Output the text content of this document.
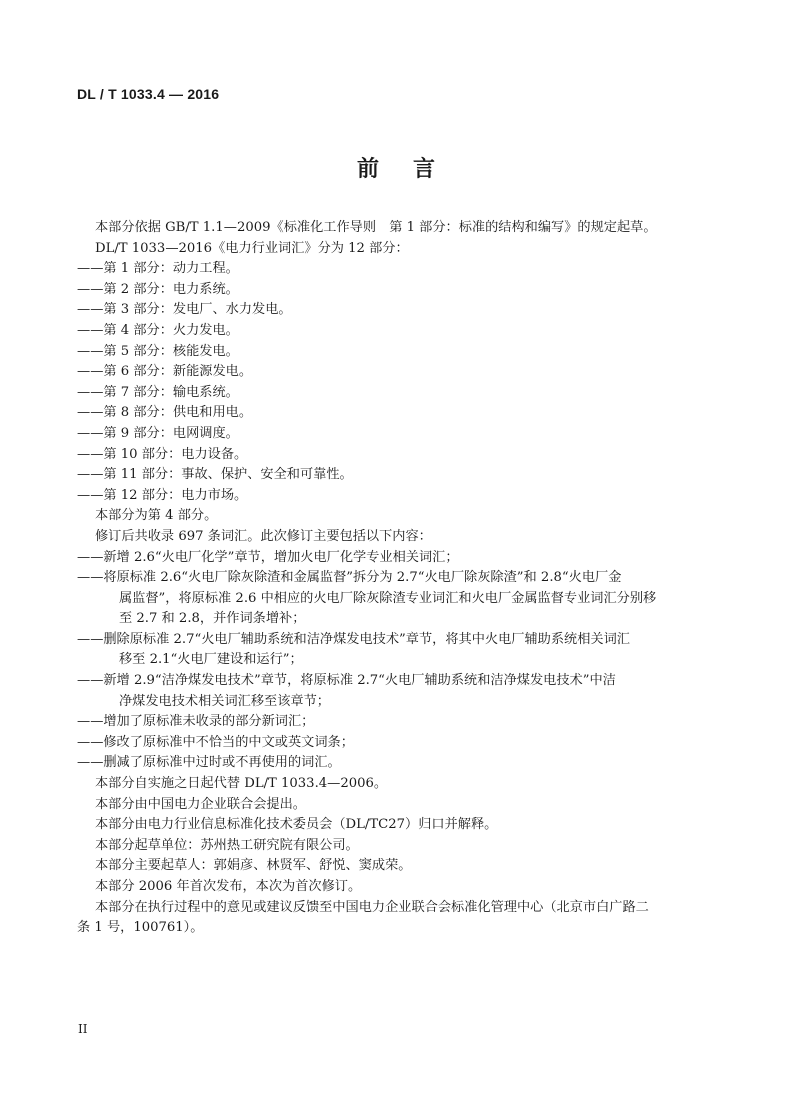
DL / T 1033.4 — 2016
前 言
本部分依据 GB/T 1.1—2009《标准化工作导则　第 1 部分：标准的结构和编写》的规定起草。
DL/T 1033—2016《电力行业词汇》分为 12 部分：
——第 1 部分：动力工程。
——第 2 部分：电力系统。
——第 3 部分：发电厂、水力发电。
——第 4 部分：火力发电。
——第 5 部分：核能发电。
——第 6 部分：新能源发电。
——第 7 部分：输电系统。
——第 8 部分：供电和用电。
——第 9 部分：电网调度。
——第 10 部分：电力设备。
——第 11 部分：事故、保护、安全和可靠性。
——第 12 部分：电力市场。
本部分为第 4 部分。
修订后共收录 697 条词汇。此次修订主要包括以下内容：
——新增 2.6“火电厂化学”章节，增加火电厂化学专业相关词汇；
——将原标准 2.6“火电厂除灰除渣和金属监督”拆分为 2.7“火电厂除灰除渣”和 2.8“火电厂金
属监督”，将原标准 2.6 中相应的火电厂除灰除渣专业词汇和火电厂金属监督专业词汇分别移
至 2.7 和 2.8，并作词条增补；
——删除原标准 2.7“火电厂辅助系统和洁净煤发电技术”章节，将其中火电厂辅助系统相关词汇
移至 2.1“火电厂建设和运行”；
——新增 2.9“洁净煤发电技术”章节，将原标准 2.7“火电厂辅助系统和洁净煤发电技术”中洁
净煤发电技术相关词汇移至该章节；
——增加了原标准未收录的部分新词汇；
——修改了原标准中不恰当的中文或英文词条；
——删减了原标准中过时或不再使用的词汇。
本部分自实施之日起代替 DL/T 1033.4—2006。
本部分由中国电力企业联合会提出。
本部分由电力行业信息标准化技术委员会（DL/TC27）归口并解释。
本部分起草单位：苏州热工研究院有限公司。
本部分主要起草人：郭娟彦、林贤军、舒悦、窦成荣。
本部分 2006 年首次发布，本次为首次修订。
本部分在执行过程中的意见或建议反馈至中国电力企业联合会标准化管理中心（北京市白广路二
条 1 号，100761）。
II
